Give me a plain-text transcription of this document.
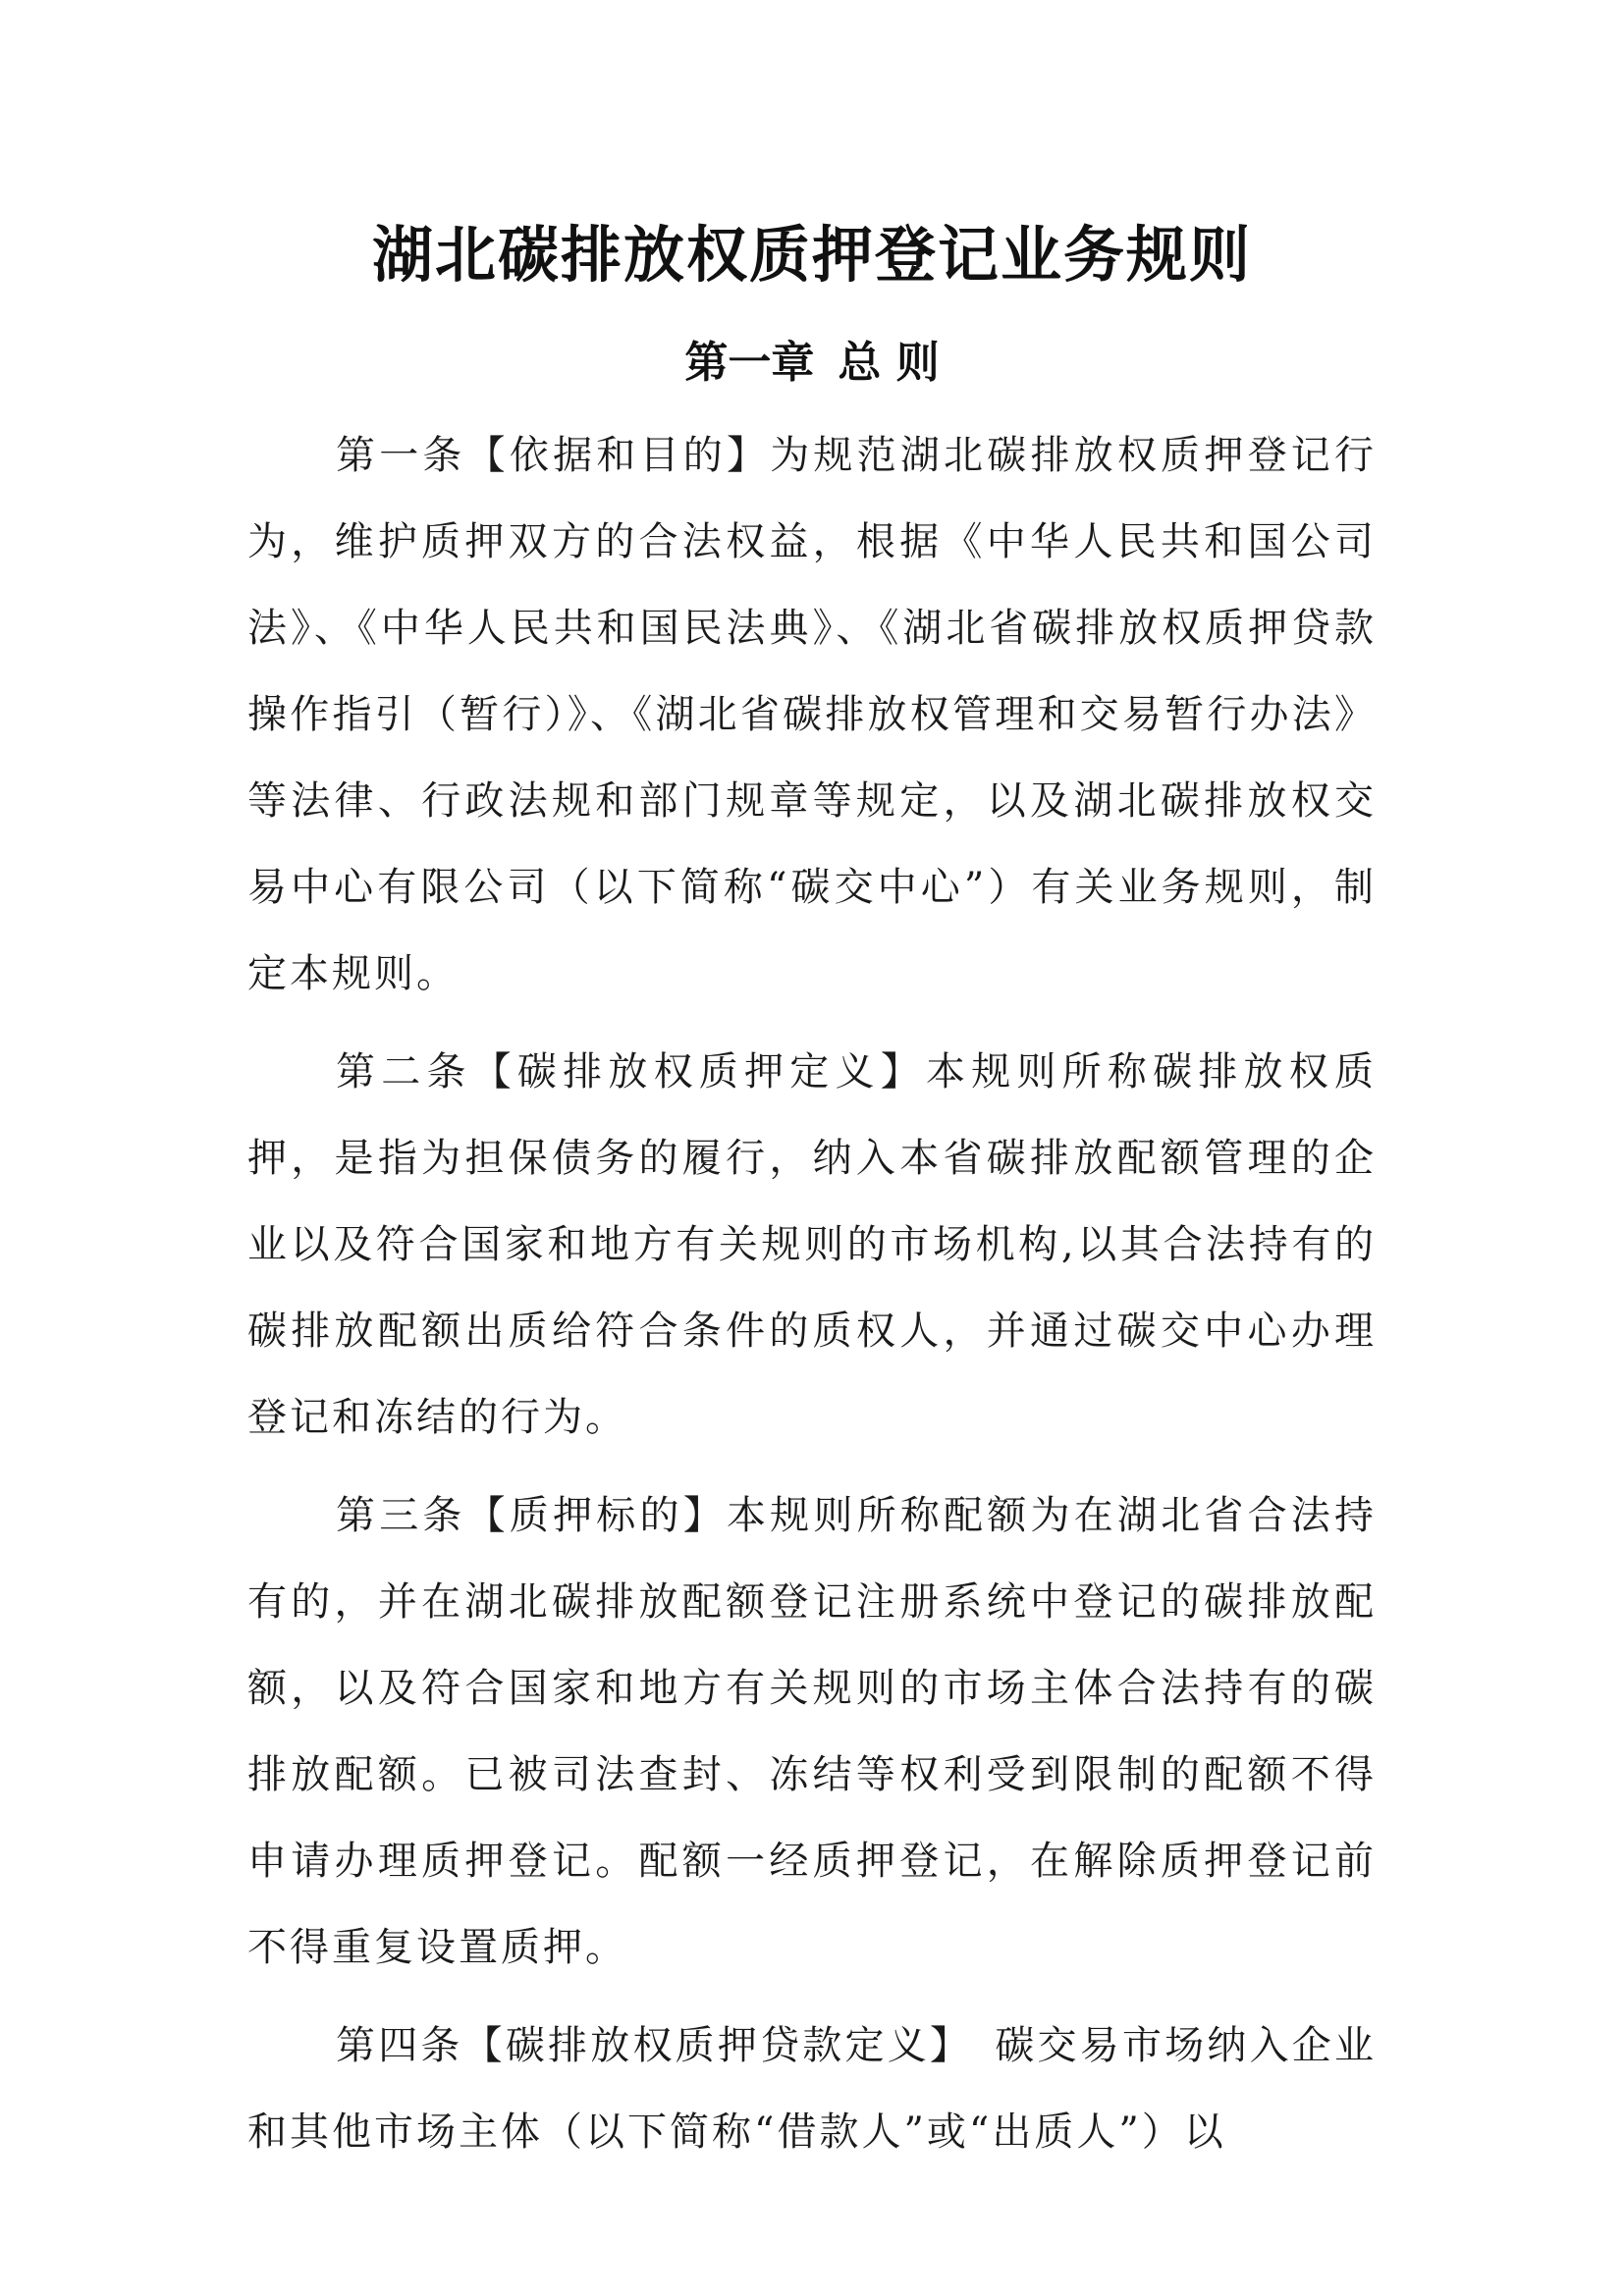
湖北碳排放权质押登记业务规则
第一章 总 则

第一条【依据和目的】为规范湖北碳排放权质押登记行为，维护质押双方的合法权益，根据《中华人民共和国公司法》、《中华人民共和国民法典》、《湖北省碳排放权质押贷款操作指引（暂行）》、《湖北省碳排放权管理和交易暂行办法》等法律、行政法规和部门规章等规定，以及湖北碳排放权交易中心有限公司（以下简称“碳交中心”）有关业务规则，制定本规则。

第二条【碳排放权质押定义】本规则所称碳排放权质押，是指为担保债务的履行，纳入本省碳排放配额管理的企业以及符合国家和地方有关规则的市场机构,以其合法持有的碳排放配额出质给符合条件的质权人，并通过碳交中心办理登记和冻结的行为。

第三条【质押标的】本规则所称配额为在湖北省合法持有的，并在湖北碳排放配额登记注册系统中登记的碳排放配额，以及符合国家和地方有关规则的市场主体合法持有的碳排放配额。已被司法查封、冻结等权利受到限制的配额不得申请办理质押登记。配额一经质押登记，在解除质押登记前不得重复设置质押。

第四条【碳排放权质押贷款定义】　碳交易市场纳入企业和其他市场主体（以下简称“借款人”或“出质人”）以
